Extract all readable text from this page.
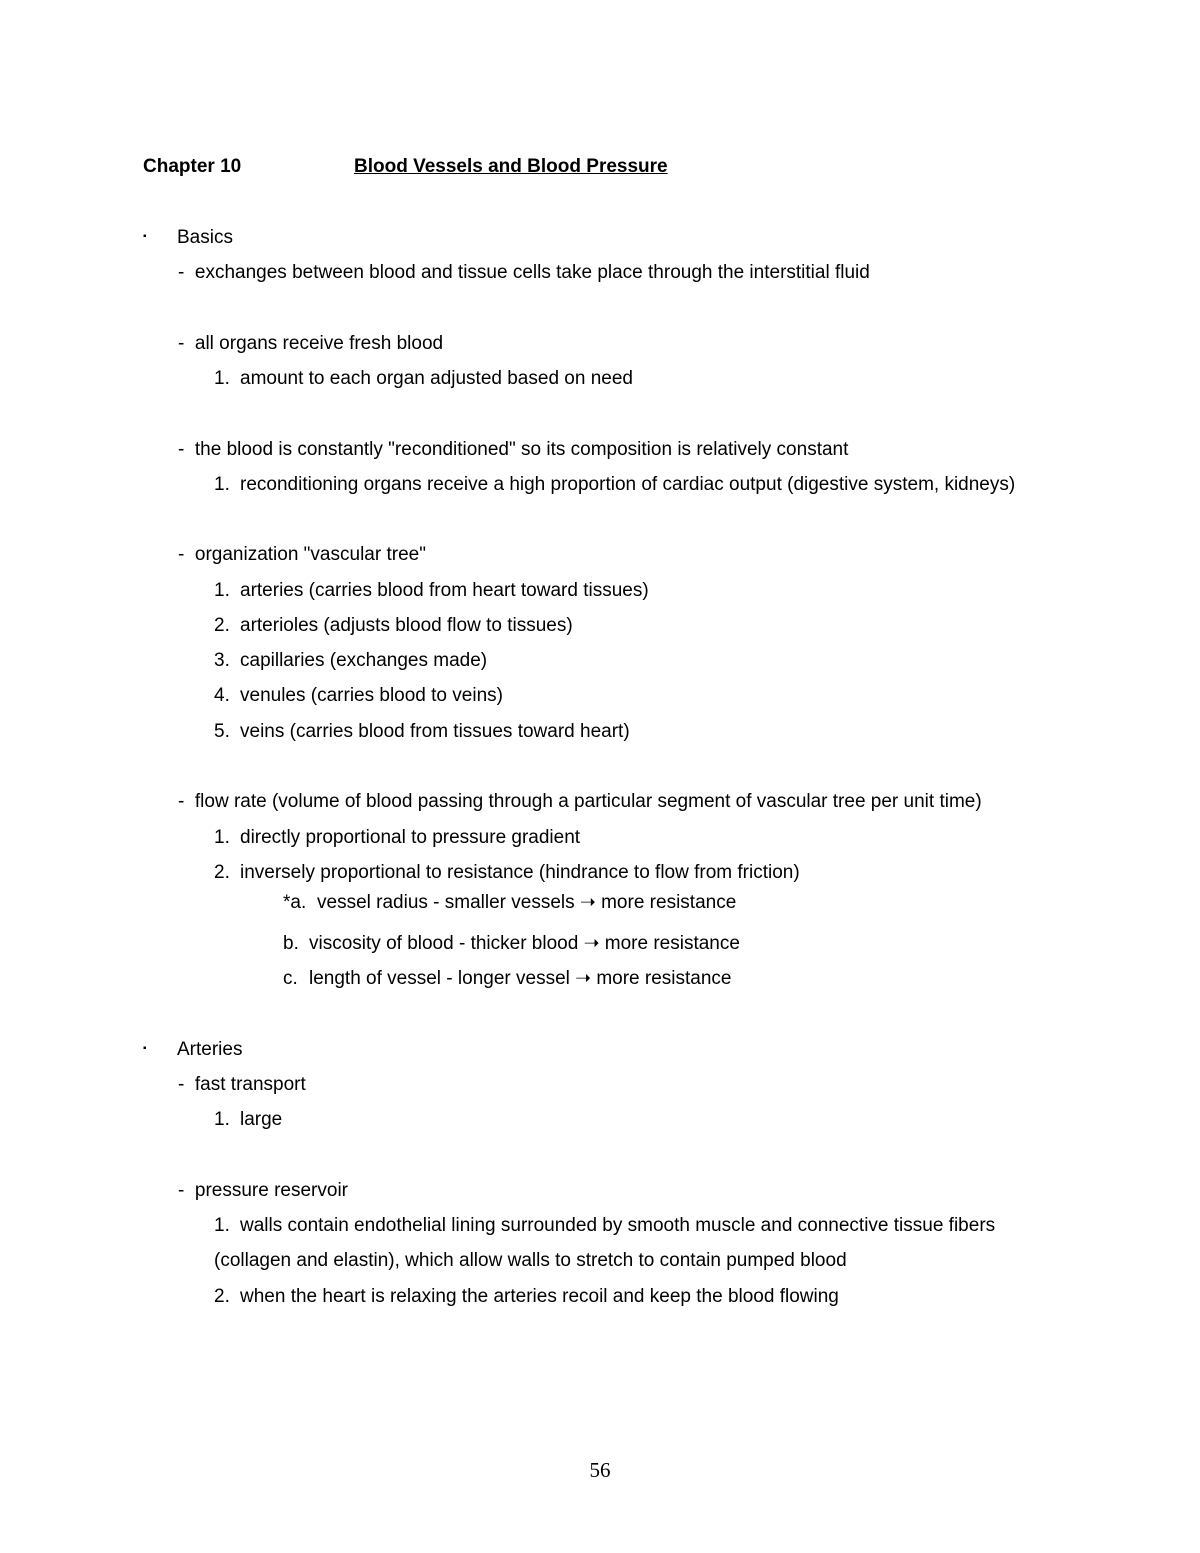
Chapter 10	Blood Vessels and Blood Pressure
▪ Basics
- exchanges between blood and tissue cells take place through the interstitial fluid
- all organs receive fresh blood
1. amount to each organ adjusted based on need
- the blood is constantly "reconditioned" so its composition is relatively constant
1. reconditioning organs receive a high proportion of cardiac output (digestive system, kidneys)
- organization "vascular tree"
1. arteries (carries blood from heart toward tissues)
2. arterioles (adjusts blood flow to tissues)
3. capillaries (exchanges made)
4. venules (carries blood to veins)
5. veins (carries blood from tissues toward heart)
- flow rate (volume of blood passing through a particular segment of vascular tree per unit time)
1. directly proportional to pressure gradient
2. inversely proportional to resistance (hindrance to flow from friction)
*a. vessel radius - smaller vessels ➝ more resistance
b. viscosity of blood - thicker blood ➝ more resistance
c. length of vessel - longer vessel ➝ more resistance
▪ Arteries
- fast transport
1. large
- pressure reservoir
1. walls contain endothelial lining surrounded by smooth muscle and connective tissue fibers
(collagen and elastin), which allow walls to stretch to contain pumped blood
2. when the heart is relaxing the arteries recoil and keep the blood flowing
56
